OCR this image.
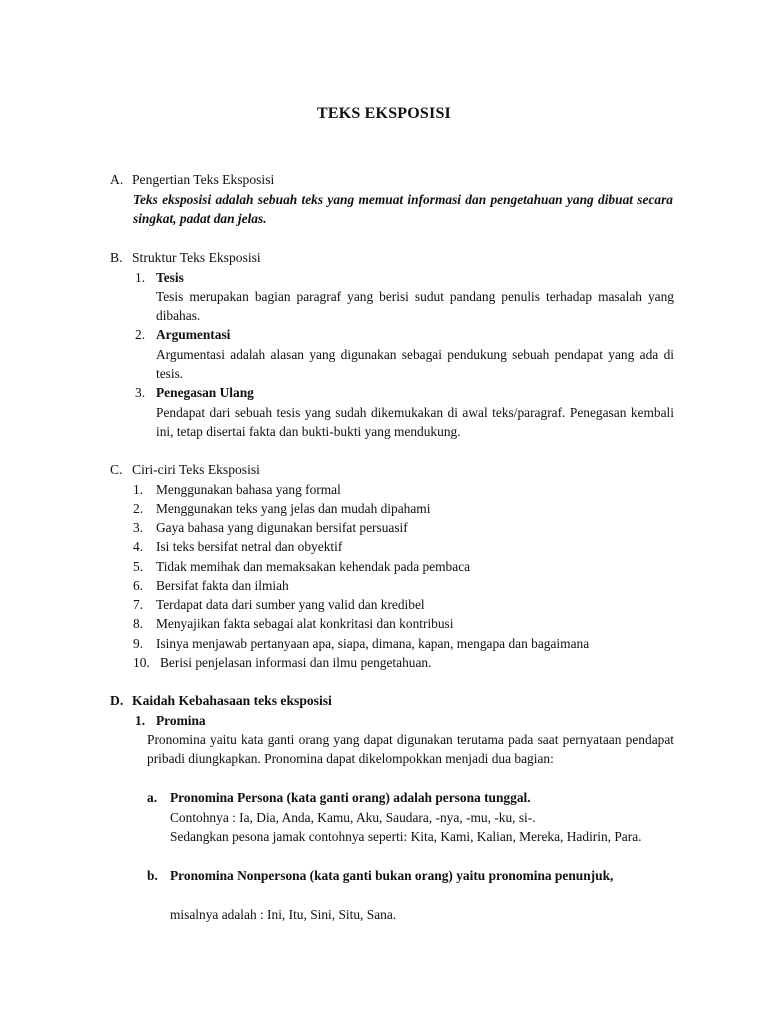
TEKS EKSPOSISI
A. Pengertian Teks Eksposisi
Teks eksposisi adalah sebuah teks yang memuat informasi dan pengetahuan yang dibuat secara singkat, padat dan jelas.
B. Struktur Teks Eksposisi
1. Tesis
Tesis merupakan bagian paragraf yang berisi sudut pandang penulis terhadap masalah yang dibahas.
2. Argumentasi
Argumentasi adalah alasan yang digunakan sebagai pendukung sebuah pendapat yang ada di tesis.
3. Penegasan Ulang
Pendapat dari sebuah tesis yang sudah dikemukakan di awal teks/paragraf. Penegasan kembali ini, tetap disertai fakta dan bukti-bukti yang mendukung.
C. Ciri-ciri Teks Eksposisi
1. Menggunakan bahasa yang formal
2. Menggunakan teks yang jelas dan mudah dipahami
3. Gaya bahasa yang digunakan bersifat persuasif
4. Isi teks bersifat netral dan obyektif
5. Tidak memihak dan memaksakan kehendak pada pembaca
6. Bersifat fakta dan ilmiah
7. Terdapat data dari sumber yang valid dan kredibel
8. Menyajikan fakta sebagai alat konkritasi dan kontribusi
9. Isinya menjawab pertanyaan apa, siapa, dimana, kapan, mengapa dan bagaimana
10. Berisi penjelasan informasi dan ilmu pengetahuan.
D. Kaidah Kebahasaan teks eksposisi
1. Promina
Pronomina yaitu kata ganti orang yang dapat digunakan terutama pada saat pernyataan pendapat pribadi diungkapkan. Pronomina dapat dikelompokkan menjadi dua bagian:
a. Pronomina Persona (kata ganti orang) adalah persona tunggal.
Contohnya : Ia, Dia, Anda, Kamu, Aku, Saudara, -nya, -mu, -ku, si-.
Sedangkan pesona jamak contohnya seperti: Kita, Kami, Kalian, Mereka, Hadirin, Para.
b. Pronomina Nonpersona (kata ganti bukan orang) yaitu pronomina penunjuk,
misalnya adalah : Ini, Itu, Sini, Situ, Sana.
